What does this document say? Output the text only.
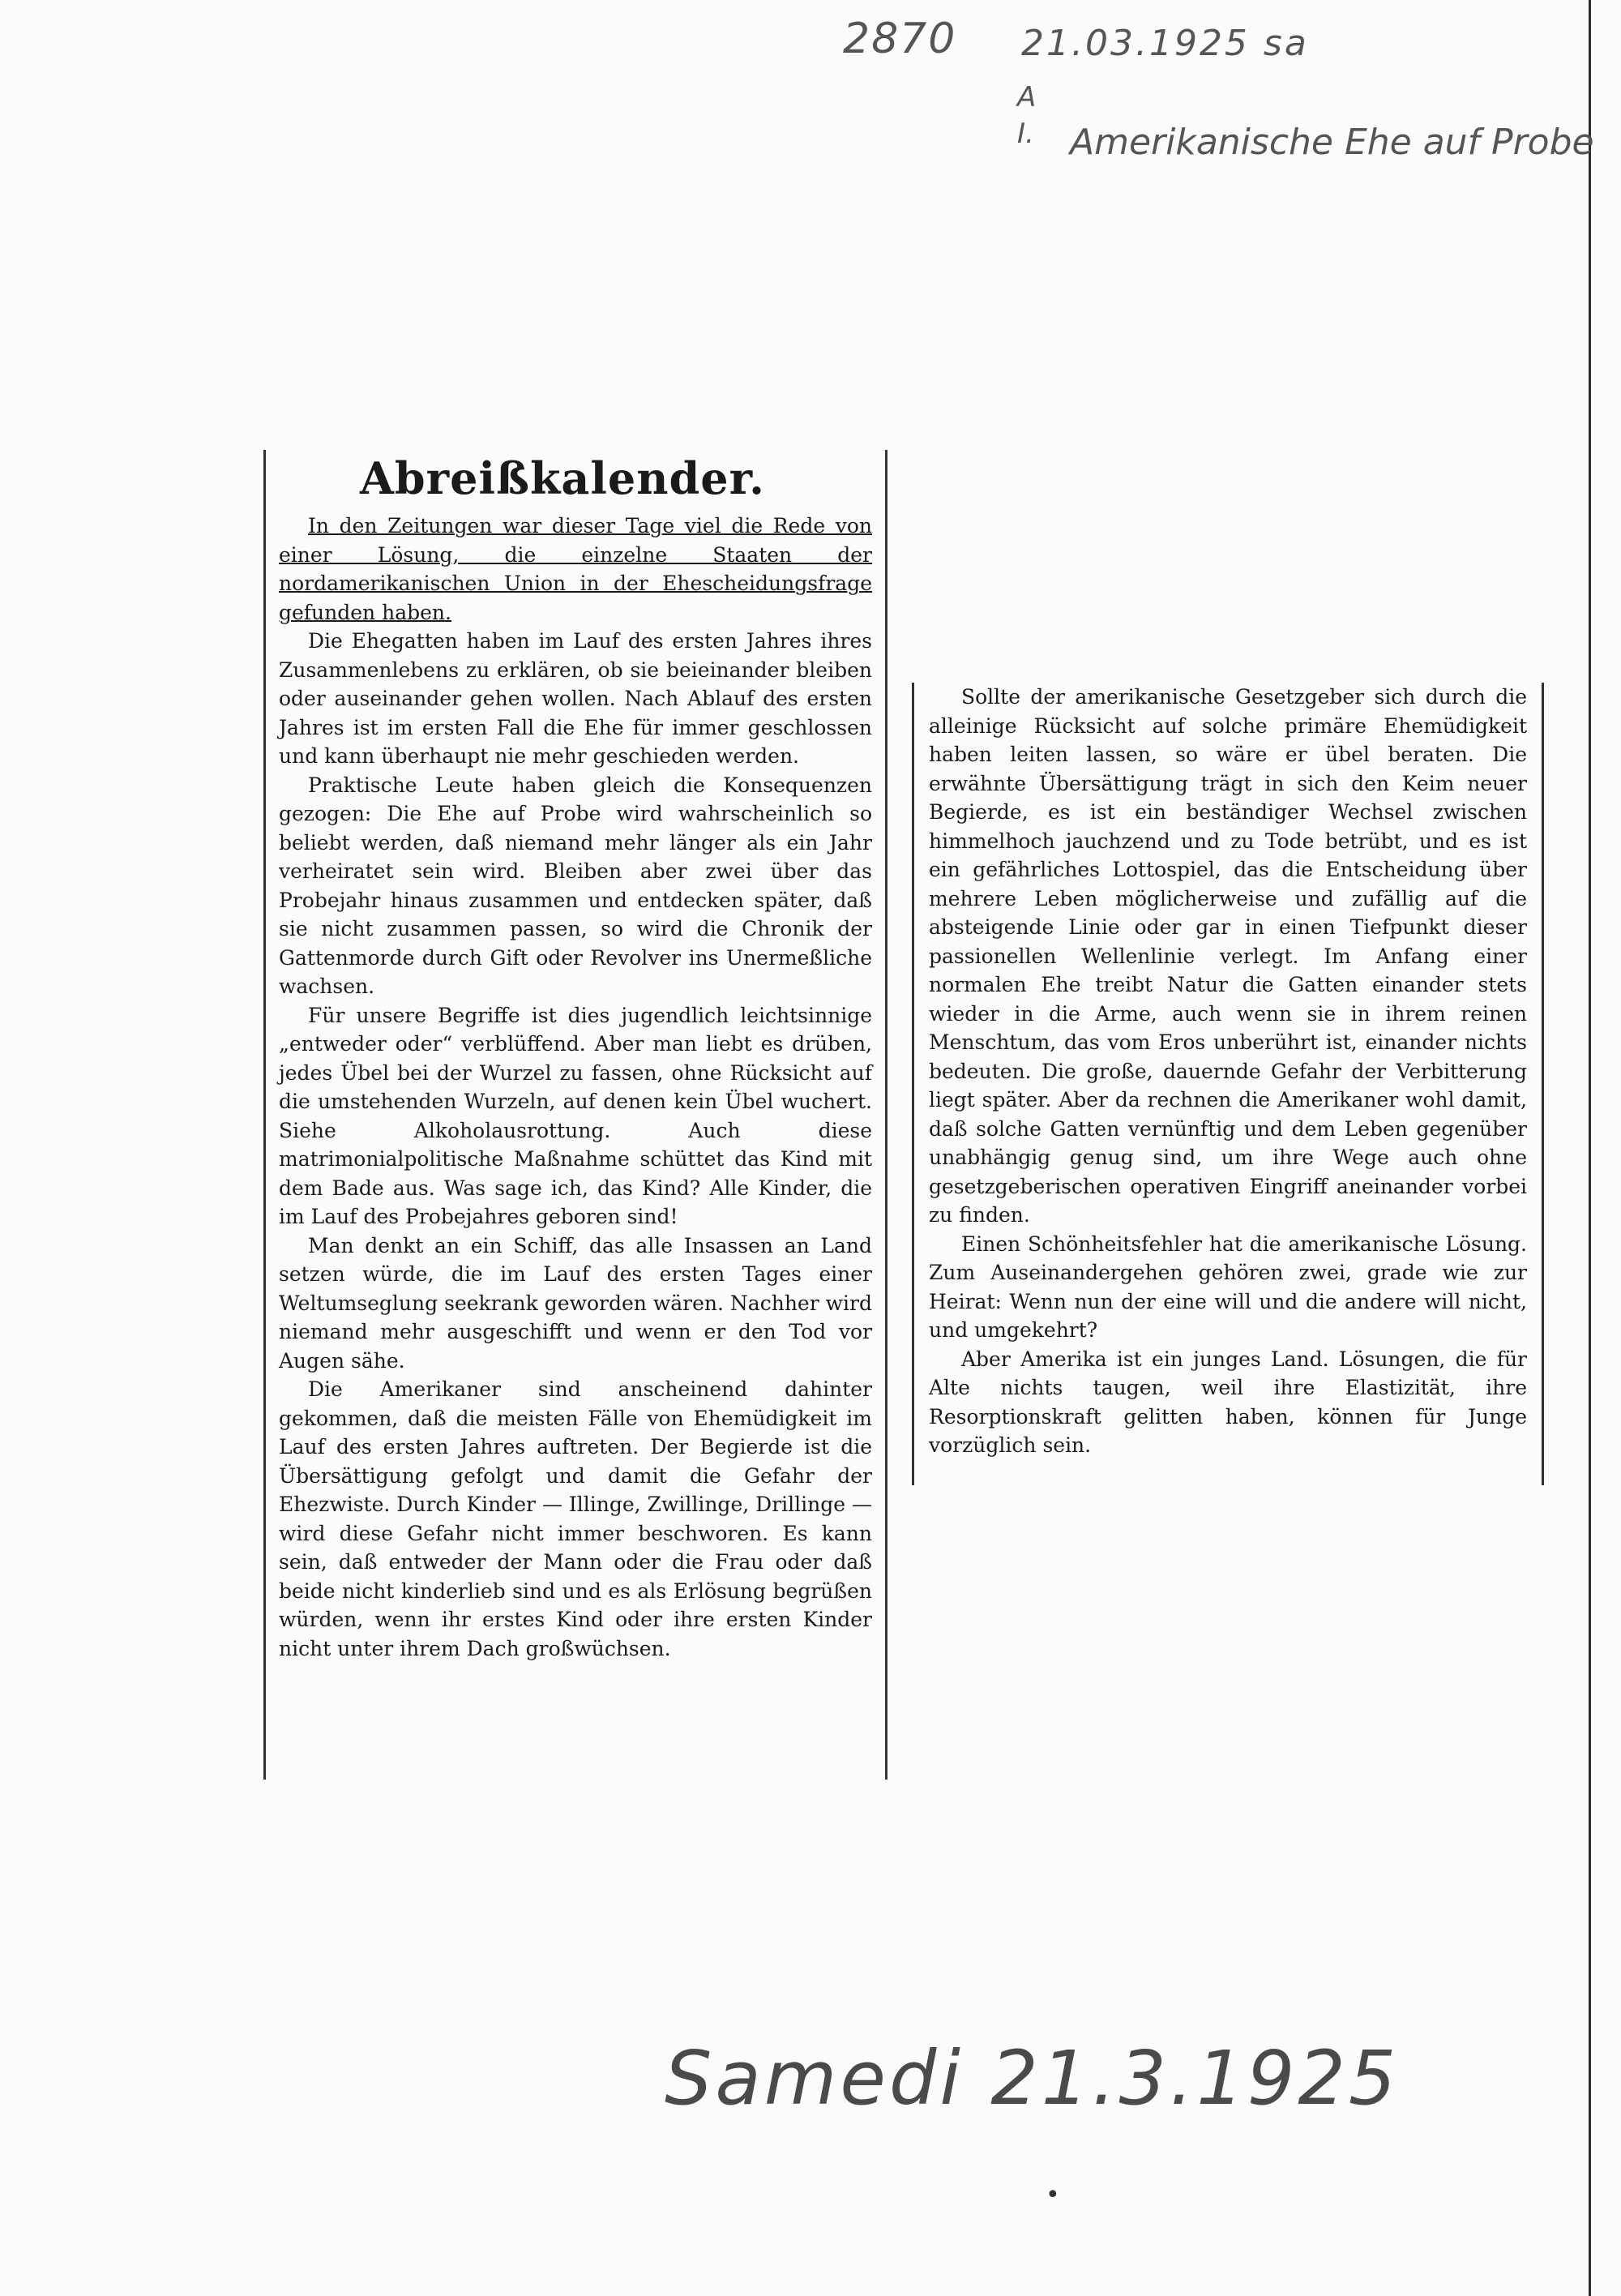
2870 21.03.1925 sa
A
I. Amerikanische Ehe auf Probe
Abreißkalender.

In den Zeitungen war dieser Tage viel die Rede von einer Lösung, die einzelne Staaten der nordamerikanischen Union in der Ehescheidungsfrage gefunden haben.

Die Ehegatten haben im Lauf des ersten Jahres ihres Zusammenlebens zu erklären, ob sie beieinander bleiben oder auseinander gehen wollen. Nach Ablauf des ersten Jahres ist im ersten Fall die Ehe für immer geschlossen und kann überhaupt nie mehr geschieden werden.

Praktische Leute haben gleich die Konsequenzen gezogen: Die Ehe auf Probe wird wahrscheinlich so beliebt werden, daß niemand mehr länger als ein Jahr verheiratet sein wird. Bleiben aber zwei über das Probejahr hinaus zusammen und entdecken später, daß sie nicht zusammen passen, so wird die Chronik der Gattenmorde durch Gift oder Revolver ins Unermeßliche wachsen.

Für unsere Begriffe ist dies jugendlich leichtsinnige „entweder oder“ verblüffend. Aber man liebt es drüben, jedes Übel bei der Wurzel zu fassen, ohne Rücksicht auf die umstehenden Wurzeln, auf denen kein Übel wuchert. Siehe Alkoholausrottung. Auch diese matrimonialpolitische Maßnahme schüttet das Kind mit dem Bade aus. Was sage ich, das Kind? Alle Kinder, die im Lauf des Probejahres geboren sind!

Man denkt an ein Schiff, das alle Insassen an Land setzen würde, die im Lauf des ersten Tages einer Weltumseglung seekrank geworden wären. Nachher wird niemand mehr ausgeschifft und wenn er den Tod vor Augen sähe.

Die Amerikaner sind anscheinend dahinter gekommen, daß die meisten Fälle von Ehemüdigkeit im Lauf des ersten Jahres auftreten. Der Begierde ist die Übersättigung gefolgt und damit die Gefahr der Ehezwiste. Durch Kinder — Illinge, Zwillinge, Drillinge — wird diese Gefahr nicht immer beschworen. Es kann sein, daß entweder der Mann oder die Frau oder daß beide nicht kinderlieb sind und es als Erlösung begrüßen würden, wenn ihr erstes Kind oder ihre ersten Kinder nicht unter ihrem Dach großwüchsen.

Sollte der amerikanische Gesetzgeber sich durch die alleinige Rücksicht auf solche primäre Ehemüdigkeit haben leiten lassen, so wäre er übel beraten. Die erwähnte Übersättigung trägt in sich den Keim neuer Begierde, es ist ein beständiger Wechsel zwischen himmelhoch jauchzend und zu Tode betrübt, und es ist ein gefährliches Lottospiel, das die Entscheidung über mehrere Leben möglicherweise und zufällig auf die absteigende Linie oder gar in einen Tiefpunkt dieser passionellen Wellenlinie verlegt. Im Anfang einer normalen Ehe treibt Natur die Gatten einander stets wieder in die Arme, auch wenn sie in ihrem reinen Menschtum, das vom Eros unberührt ist, einander nichts bedeuten. Die große, dauernde Gefahr der Verbitterung liegt später. Aber da rechnen die Amerikaner wohl damit, daß solche Gatten vernünftig und dem Leben gegenüber unabhängig genug sind, um ihre Wege auch ohne gesetzgeberischen operativen Eingriff aneinander vorbei zu finden.

Einen Schönheitsfehler hat die amerikanische Lösung. Zum Auseinandergehen gehören zwei, grade wie zur Heirat: Wenn nun der eine will und die andere will nicht, und umgekehrt?

Aber Amerika ist ein junges Land. Lösungen, die für Alte nichts taugen, weil ihre Elastizität, ihre Resorptionskraft gelitten haben, können für Junge vorzüglich sein.

Samedi 21.3.1925
•
